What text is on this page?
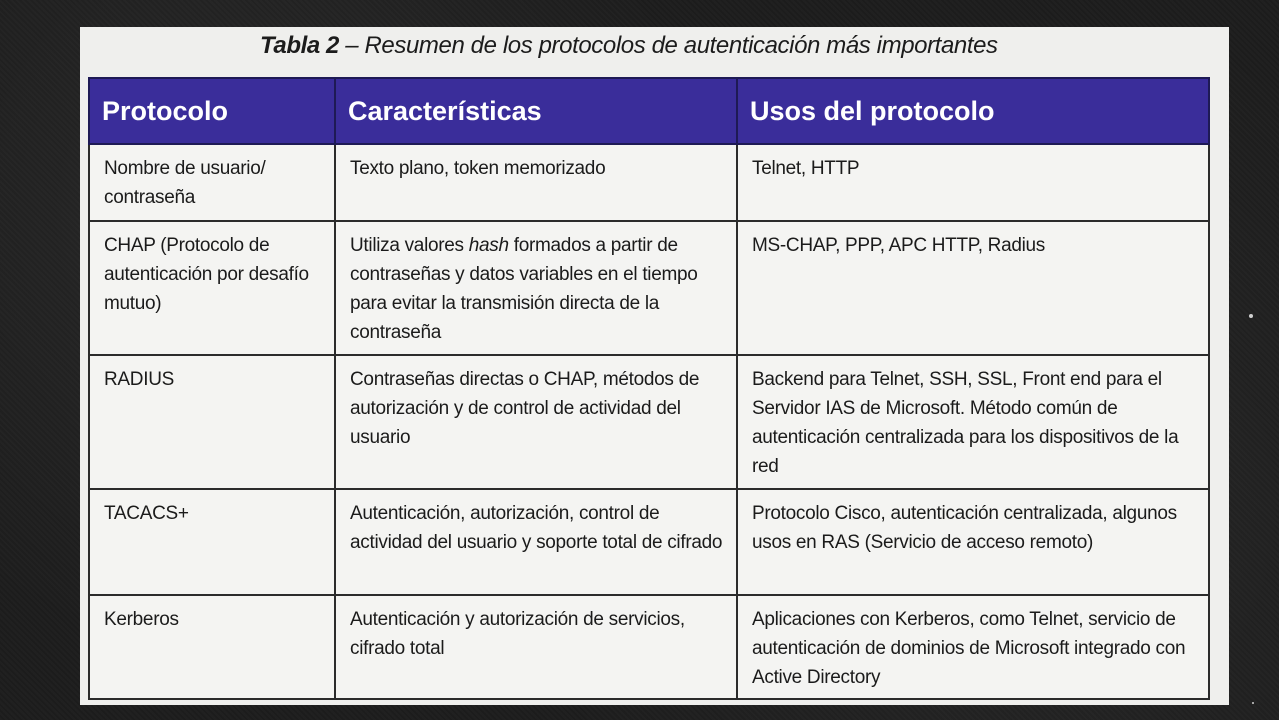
Tabla 2 – Resumen de los protocolos de autenticación más importantes
Protocolo	Características	Usos del protocolo
Nombre de usuario/ contraseña	Texto plano, token memorizado	Telnet, HTTP
CHAP (Protocolo de autenticación por desafío mutuo)	Utiliza valores hash formados a partir de contraseñas y datos variables en el tiempo para evitar la transmisión directa de la contraseña	MS-CHAP, PPP, APC HTTP, Radius
RADIUS	Contraseñas directas o CHAP, métodos de autorización y de control de actividad del usuario	Backend para Telnet, SSH, SSL, Front end para el Servidor IAS de Microsoft. Método común de autenticación centralizada para los dispositivos de la red
TACACS+	Autenticación, autorización, control de actividad del usuario y soporte total de cifrado	Protocolo Cisco, autenticación centralizada, algunos usos en RAS (Servicio de acceso remoto)
Kerberos	Autenticación y autorización de servicios, cifrado total	Aplicaciones con Kerberos, como Telnet, servicio de autenticación de dominios de Microsoft integrado con Active Directory
